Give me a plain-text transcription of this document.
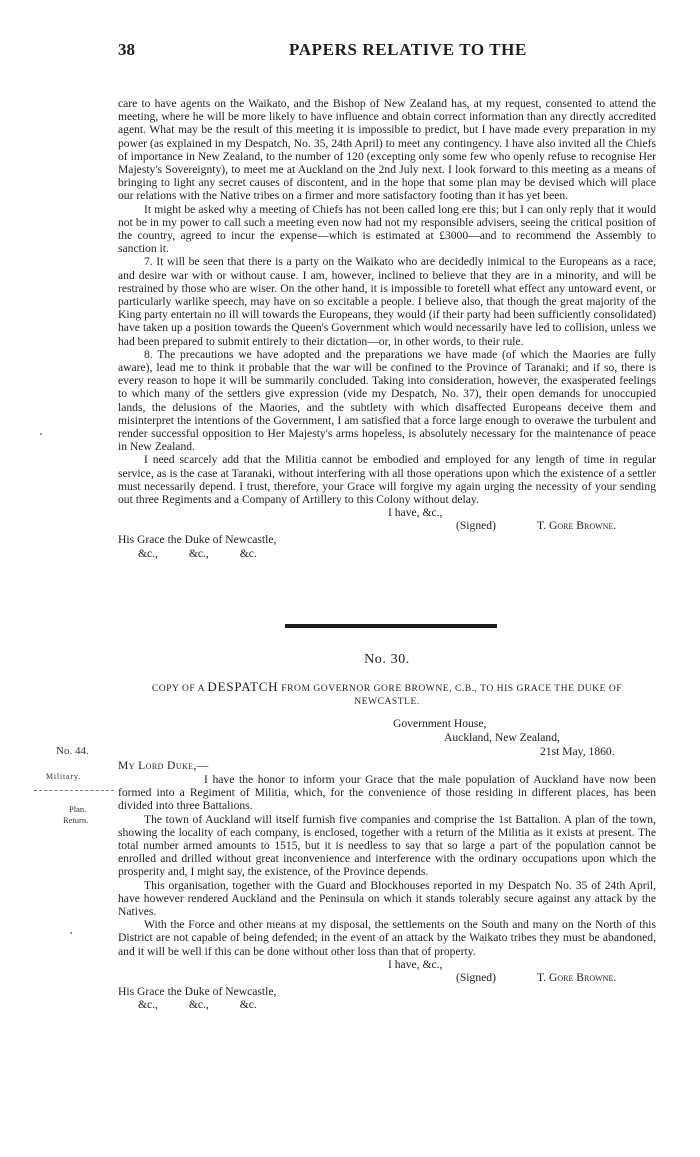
38	PAPERS RELATIVE TO THE

care to have agents on the Waikato, and the Bishop of New Zealand has, at my request, consented to attend the meeting, where he will be more likely to have influence and obtain correct information than any directly accredited agent. What may be the result of this meeting it is impossible to predict, but I have made every preparation in my power (as explained in my Despatch, No. 35, 24th April) to meet any contingency. I have also invited all the Chiefs of importance in New Zealand, to the number of 120 (excepting only some few who openly refuse to recognise Her Majesty's Sovereignty), to meet me at Auckland on the 2nd July next. I look forward to this meeting as a means of bringing to light any secret causes of discontent, and in the hope that some plan may be devised which will place our relations with the Native tribes on a firmer and more satisfactory footing than it has yet been.

It might be asked why a meeting of Chiefs has not been called long ere this; but I can only reply that it would not be in my power to call such a meeting even now had not my responsible advisers, seeing the critical position of the country, agreed to incur the expense—which is estimated at £3000—and to recommend the Assembly to sanction it.

7. It will be seen that there is a party on the Waikato who are decidedly inimical to the Europeans as a race, and desire war with or without cause. I am, however, inclined to believe that they are in a minority, and will be restrained by those who are wiser. On the other hand, it is impossible to foretell what effect any untoward event, or particularly warlike speech, may have on so excitable a people. I believe also, that though the great majority of the King party entertain no ill will towards the Europeans, they would (if their party had been sufficiently consolidated) have taken up a position towards the Queen's Government which would necessarily have led to collision, unless we had been prepared to submit entirely to their dictation—or, in other words, to their rule.

8. The precautions we have adopted and the preparations we have made (of which the Maories are fully aware), lead me to think it probable that the war will be confined to the Province of Taranaki; and if so, there is every reason to hope it will be summarily concluded. Taking into consideration, however, the exasperated feelings to which many of the settlers give expression (vide my Despatch, No. 37), their open demands for unoccupied lands, the delusions of the Maories, and the subtlety with which disaffected Europeans deceive them and misinterpret the intentions of the Government, I am satisfied that a force large enough to overawe the turbulent and render successful opposition to Her Majesty's arms hopeless, is absolutely necessary for the maintenance of peace in New Zealand.

I need scarcely add that the Militia cannot be embodied and employed for any length of time in regular service, as is the case at Taranaki, without interfering with all those operations upon which the existence of a settler must necessarily depend. I trust, therefore, your Grace will forgive my again urging the necessity of your sending out three Regiments and a Company of Artillery to this Colony without delay.

I have, &c.,
(Signed)	T. Gore Browne.
His Grace the Duke of Newcastle,
&c., &c., &c.
No. 30.
COPY OF A DESPATCH FROM GOVERNOR GORE BROWNE, C.B., TO HIS GRACE THE DUKE OF NEWCASTLE.
Government House,
Auckland, New Zealand,
21st May, 1860.
My Lord Duke,—

I have the honor to inform your Grace that the male population of Auckland have now been formed into a Regiment of Militia, which, for the convenience of those residing in different places, has been divided into three Battalions.

The town of Auckland will itself furnish five companies and comprise the 1st Battalion. A plan of the town, showing the locality of each company, is enclosed, together with a return of the Militia as it exists at present. The total number armed amounts to 1515, but it is needless to say that so large a part of the population cannot be enrolled and drilled without great inconvenience and interference with the ordinary occupations upon which the prosperity and, I might say, the existence, of the Province depends.

This organisation, together with the Guard and Blockhouses reported in my Despatch No. 35 of 24th April, have however rendered Auckland and the Peninsula on which it stands tolerably secure against any attack by the Natives.

With the Force and other means at my disposal, the settlements on the South and many on the North of this District are not capable of being defended; in the event of an attack by the Waikato tribes they must be abandoned, and it will be well if this can be done without other loss than that of property.

I have, &c.,
(Signed)	T. Gore Browne.
His Grace the Duke of Newcastle,
&c., &c., &c.
No. 44.
Military.
Plan.
Return.
